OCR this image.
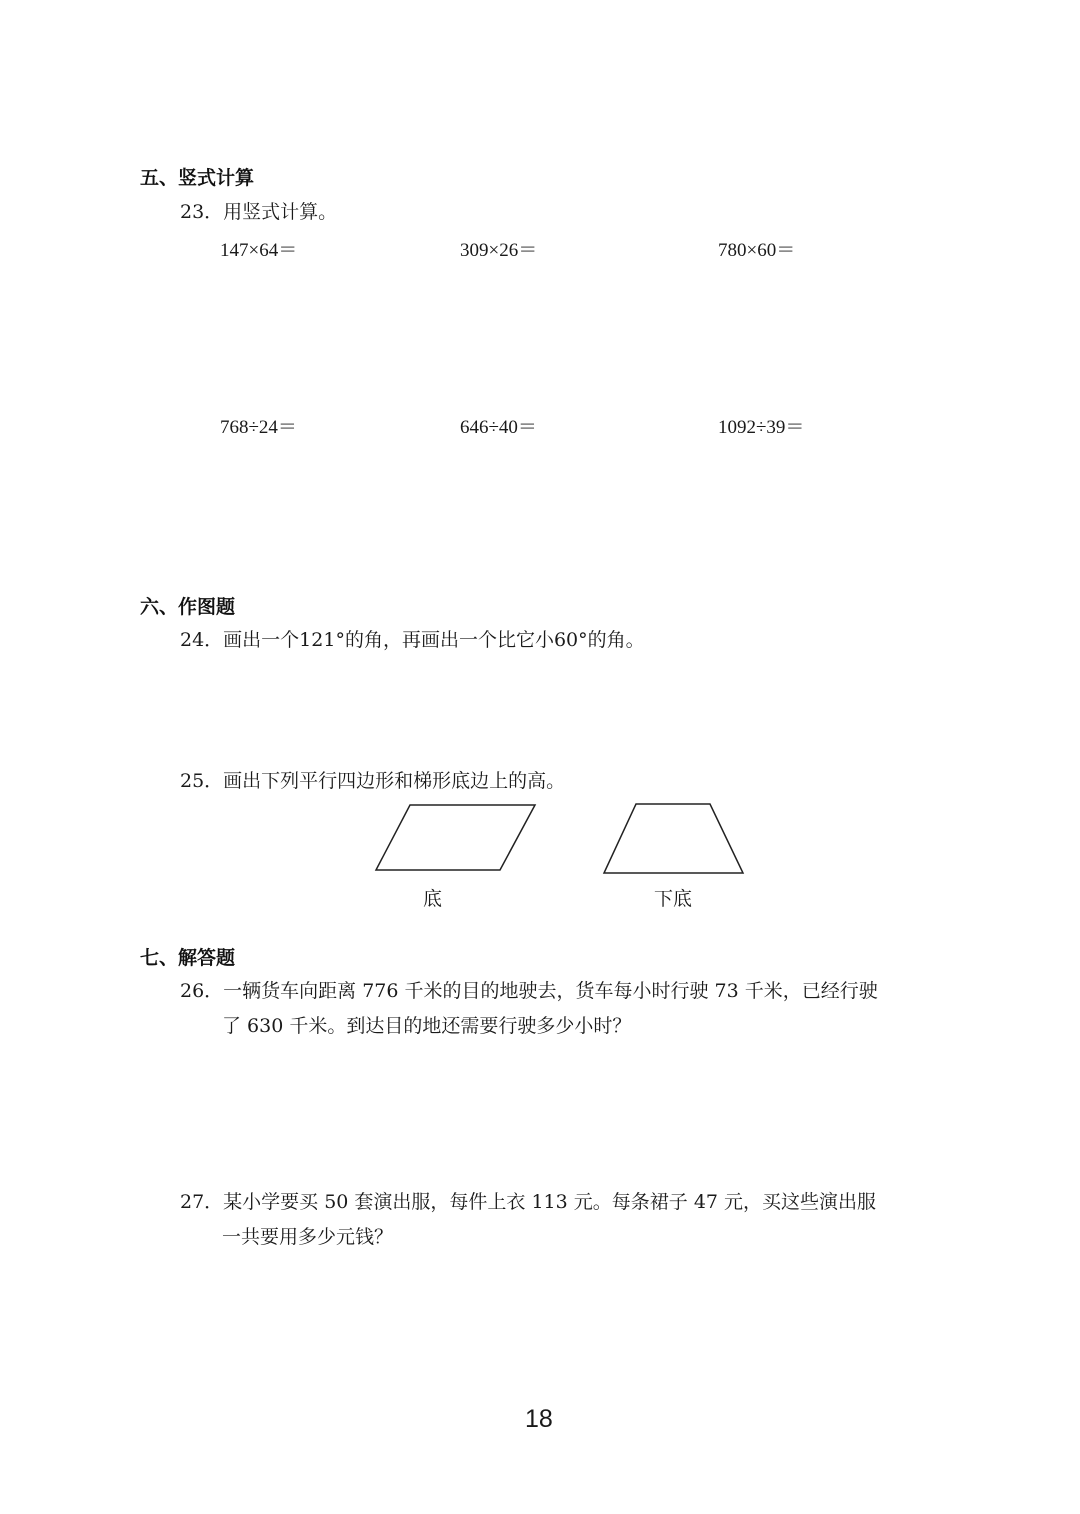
五、竖式计算
23．用竖式计算。
147×64＝	309×26＝	780×60＝
768÷24＝	646÷40＝	1092÷39＝
六、作图题
24．画出一个121°的角，再画出一个比它小60°的角。
25．画出下列平行四边形和梯形底边上的高。
底	下底
七、解答题
26．一辆货车向距离 776 千米的目的地驶去，货车每小时行驶 73 千米，已经行驶
了 630 千米。到达目的地还需要行驶多少小时？
27．某小学要买 50 套演出服，每件上衣 113 元。每条裙子 47 元，买这些演出服
一共要用多少元钱？
18
